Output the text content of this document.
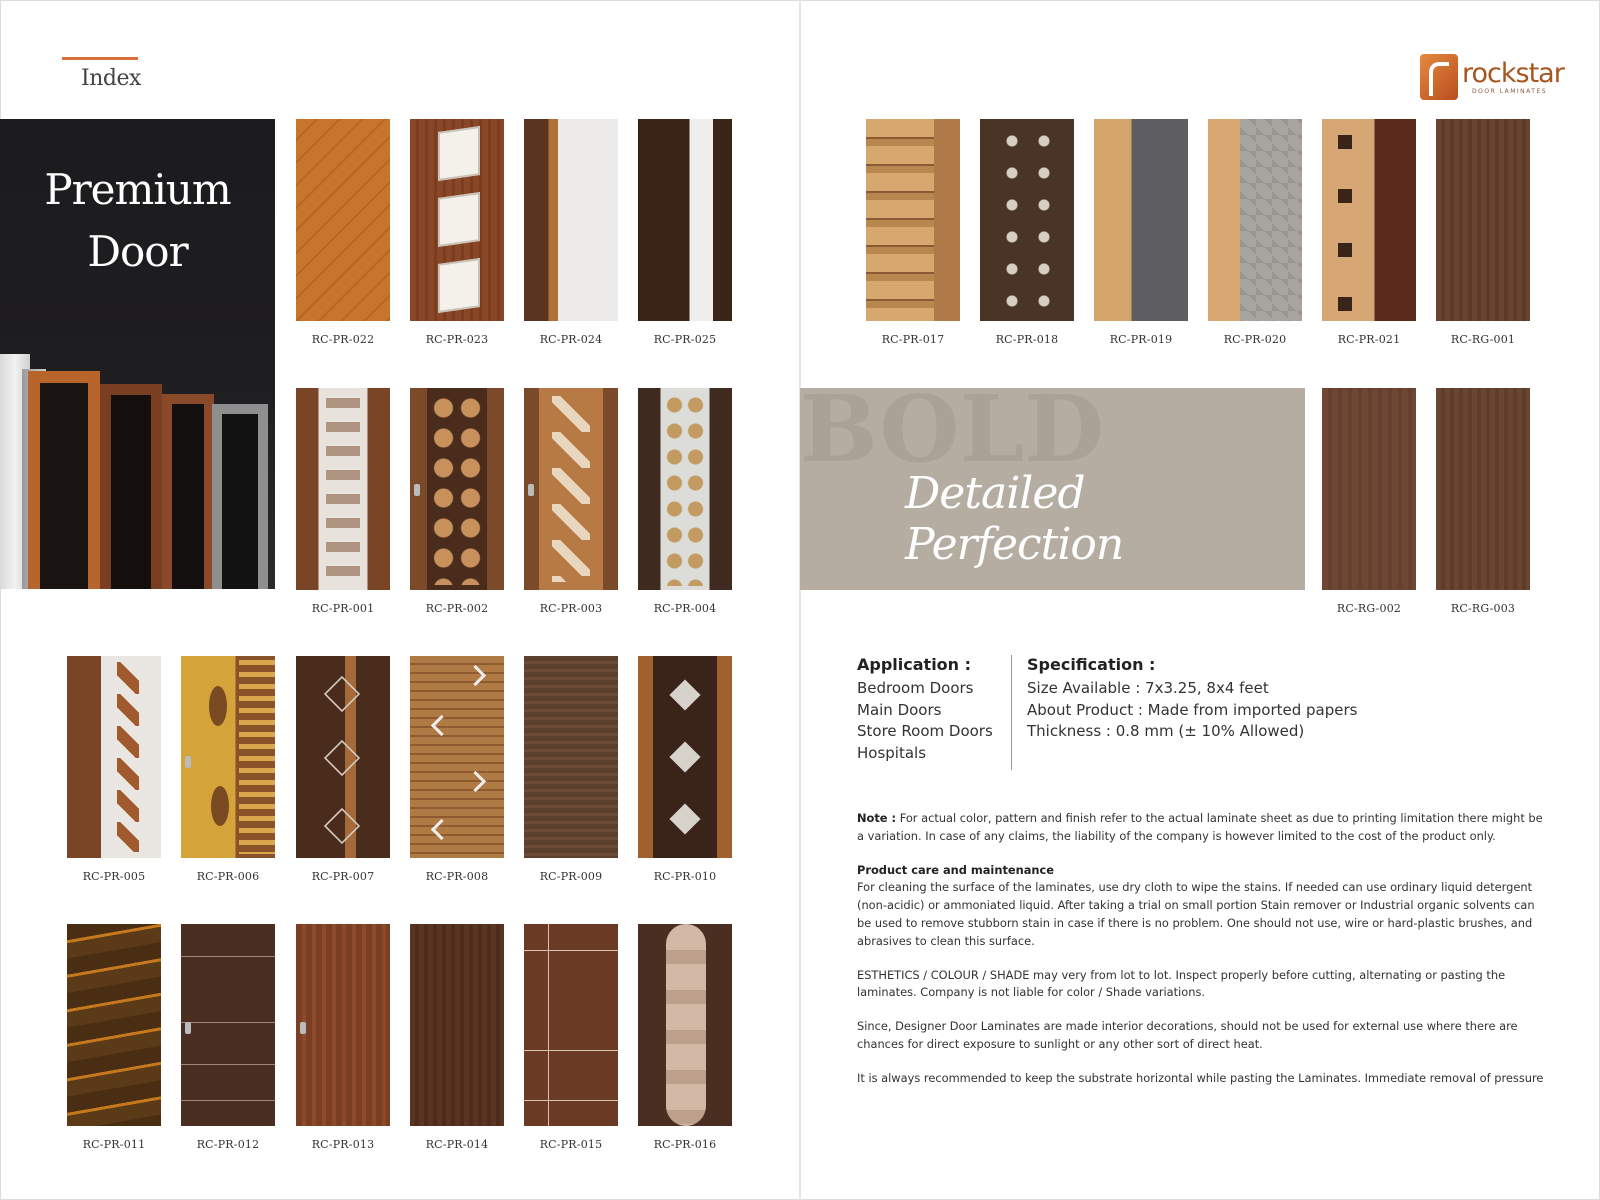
Index
Premium
Door
RC-PR-022	RC-PR-023	RC-PR-024	RC-PR-025
RC-PR-001	RC-PR-002	RC-PR-003	RC-PR-004
RC-PR-005	RC-PR-006	RC-PR-007	RC-PR-008	RC-PR-009	RC-PR-010
RC-PR-011	RC-PR-012	RC-PR-013	RC-PR-014	RC-PR-015	RC-PR-016
rockstar
DOOR LAMINATES
RC-PR-017	RC-PR-018	RC-PR-019	RC-PR-020	RC-PR-021	RC-RG-001
BOLD
Detailed Perfection
RC-RG-002	RC-RG-003
Application :
Bedroom Doors
Main Doors
Store Room Doors
Hospitals
Specification :
Size Available : 7x3.25, 8x4 feet
About Product : Made from imported papers
Thickness : 0.8 mm (± 10% Allowed)

Note : For actual color, pattern and finish refer to the actual laminate sheet as due to printing limitation there might be a variation. In case of any claims, the liability of the company is however limited to the cost of the product only.

Product care and maintenance
For cleaning the surface of the laminates, use dry cloth to wipe the stains. If needed can use ordinary liquid detergent (non-acidic) or ammoniated liquid. After taking a trial on small portion Stain remover or Industrial organic solvents can be used to remove stubborn stain in case if there is no problem. One should not use, wire or hard-plastic brushes, and abrasives to clean this surface.

ESTHETICS / COLOUR / SHADE may very from lot to lot. Inspect properly before cutting, alternating or pasting the laminates. Company is not liable for color / Shade variations.

Since, Designer Door Laminates are made interior decorations, should not be used for external use where there are chances for direct exposure to sunlight or any other sort of direct heat.

It is always recommended to keep the substrate horizontal while pasting the Laminates. Immediate removal of pressure
